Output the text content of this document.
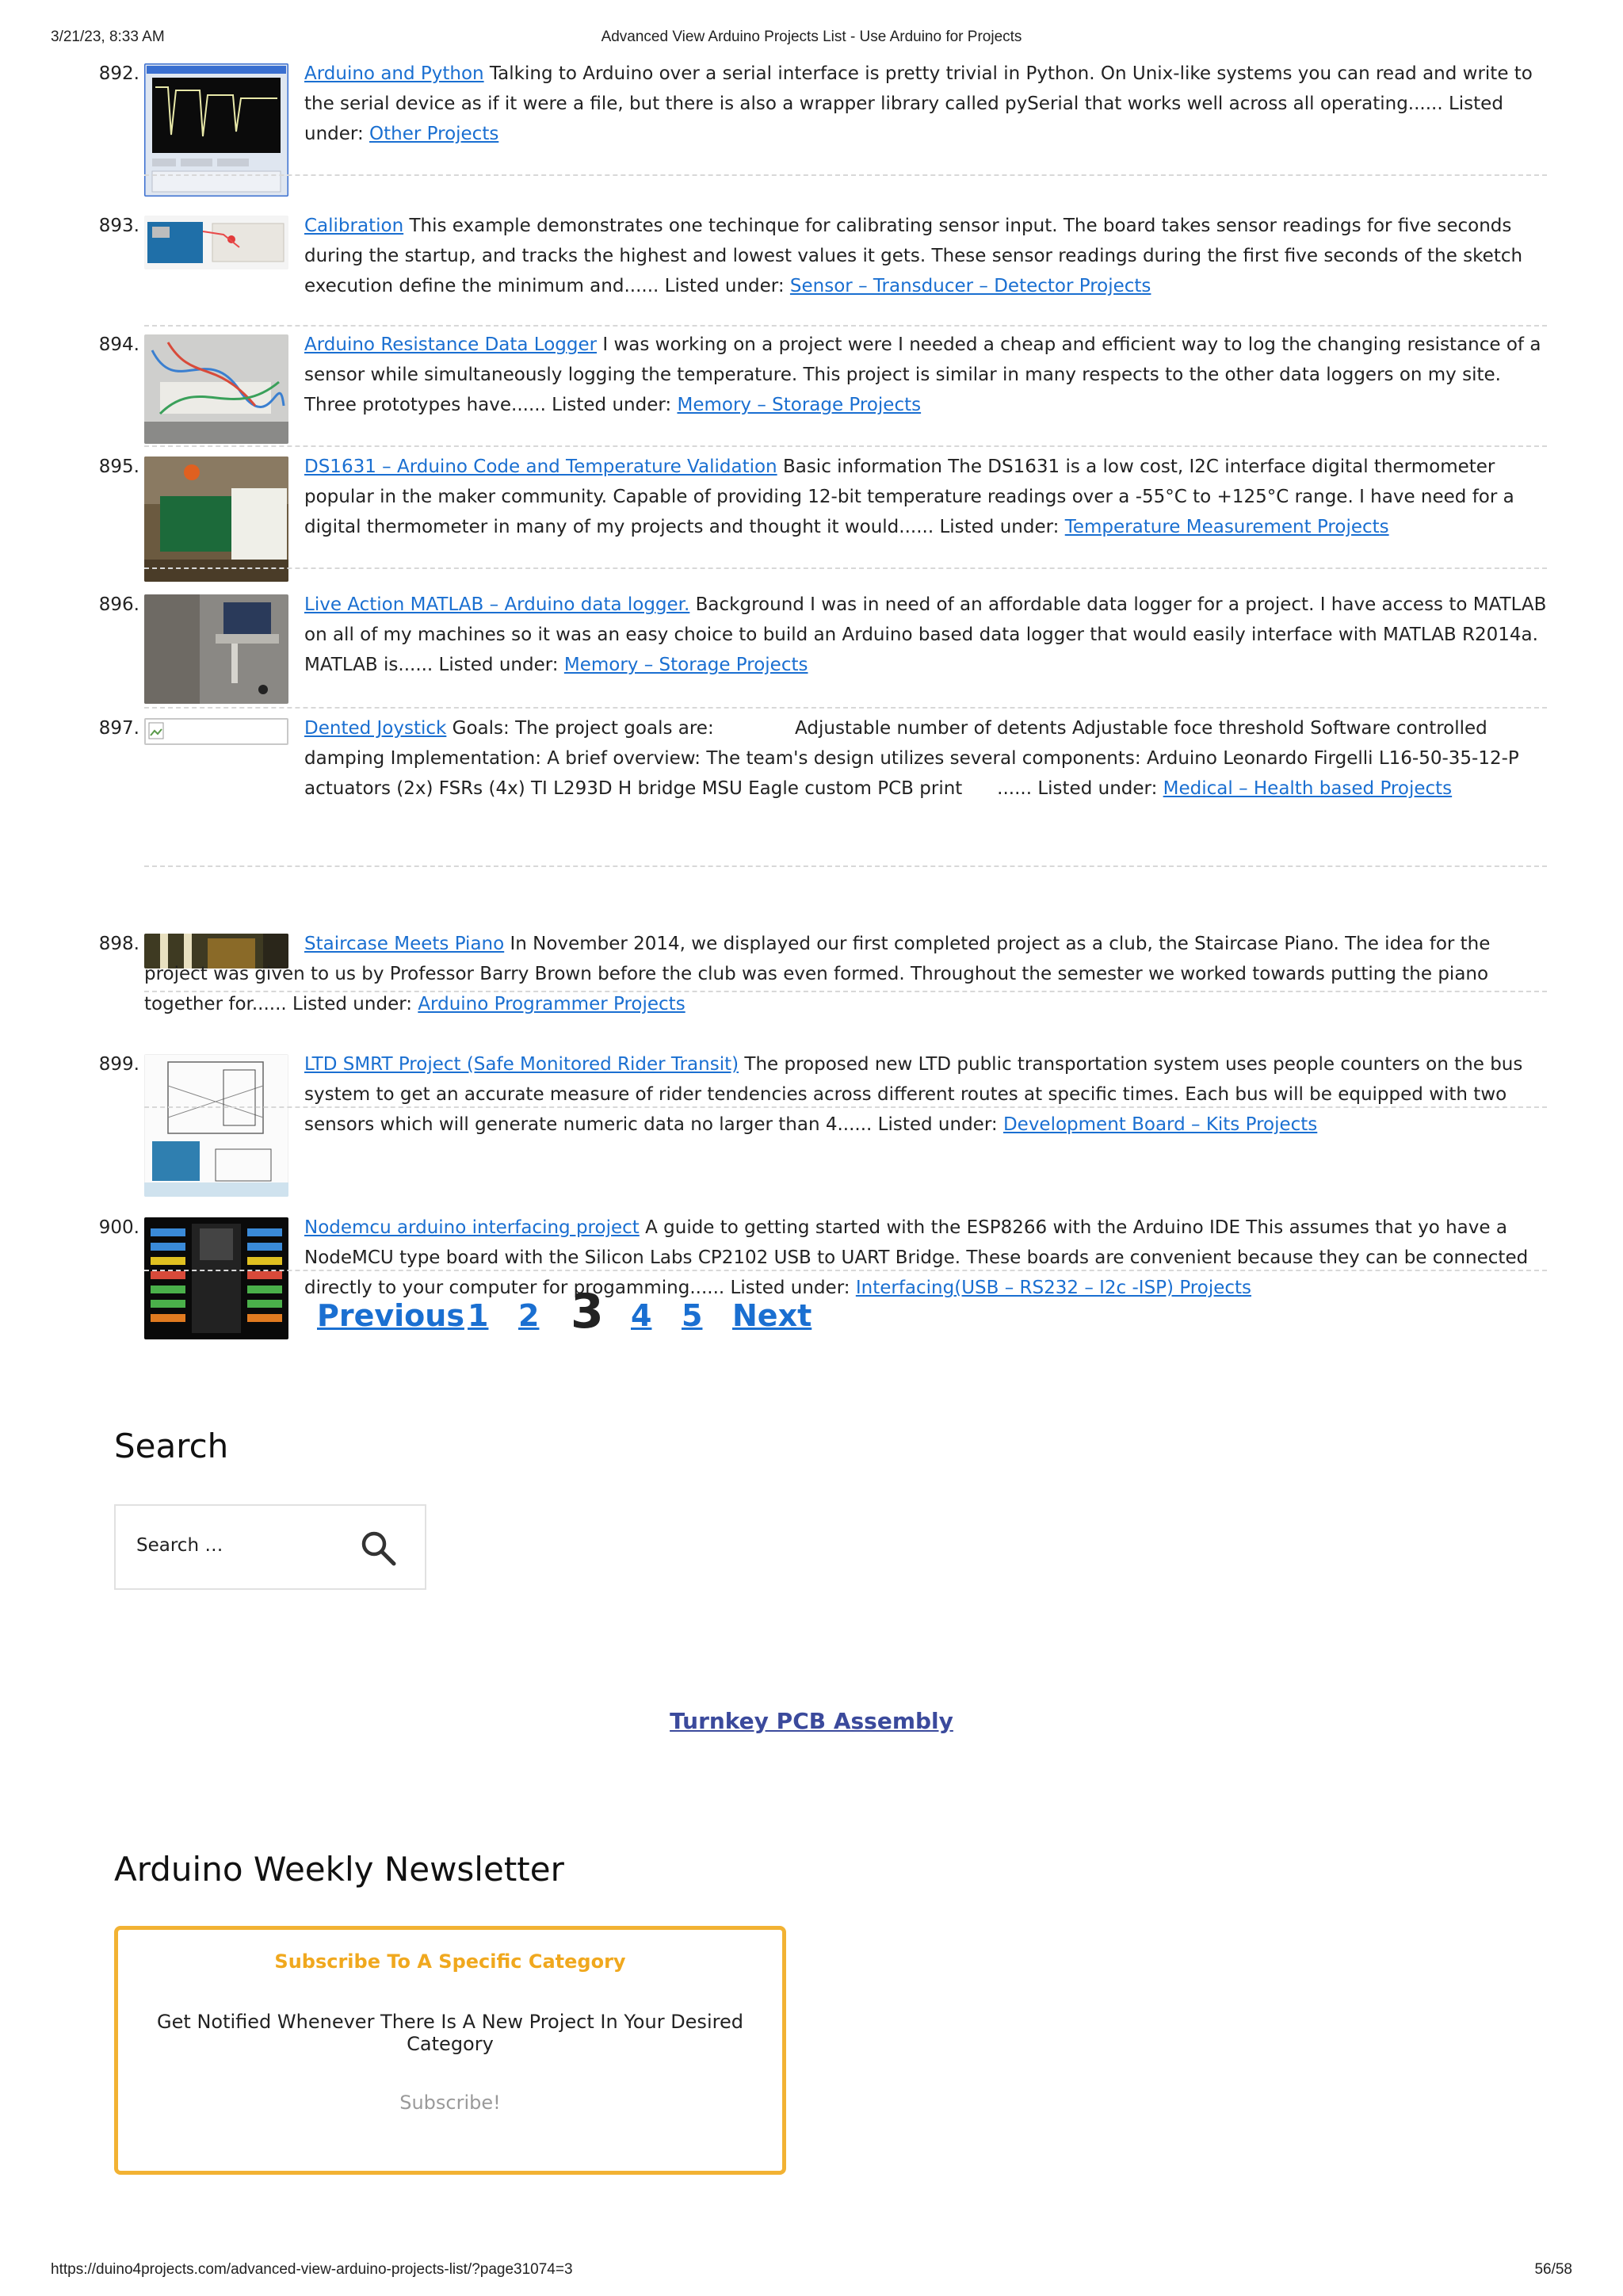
3/21/23, 8:33 AM	Advanced View Arduino Projects List - Use Arduino for Projects
892.	Arduino and Python Talking to Arduino over a serial interface is pretty trivial in Python. On Unix-like systems you can read and write to the serial device as if it were a file, but there is also a wrapper library called pySerial that works well across all operating...... Listed under: Other Projects
893.	Calibration This example demonstrates one techinque for calibrating sensor input. The board takes sensor readings for five seconds during the startup, and tracks the highest and lowest values it gets. These sensor readings during the first five seconds of the sketch execution define the minimum and...... Listed under: Sensor – Transducer – Detector Projects
894.	Arduino Resistance Data Logger I was working on a project were I needed a cheap and efficient way to log the changing resistance of a sensor while simultaneously logging the temperature. This project is similar in many respects to the other data loggers on my site. Three prototypes have...... Listed under: Memory – Storage Projects
895.	DS1631 – Arduino Code and Temperature Validation Basic information The DS1631 is a low cost, I2C interface digital thermometer popular in the maker community. Capable of providing 12-bit temperature readings over a -55°C to +125°C range. I have need for a digital thermometer in many of my projects and thought it would...... Listed under: Temperature Measurement Projects
896.	Live Action MATLAB – Arduino data logger. Background I was in need of an affordable data logger for a project. I have access to MATLAB on all of my machines so it was an easy choice to build an Arduino based data logger that would easily interface with MATLAB R2014a. MATLAB is...... Listed under: Memory – Storage Projects
897.	Dented Joystick Goals: The project goals are:              Adjustable number of detents Adjustable foce threshold Software controlled damping Implementation: A brief overview: The team's design utilizes several components: Arduino Leonardo Firgelli L16-50-35-12-P actuators (2x) FSRs (4x) TI L293D H bridge MSU Eagle custom PCB print      ...... Listed under: Medical – Health based Projects
898.	Staircase Meets Piano In November 2014, we displayed our first completed project as a club, the Staircase Piano. The idea for the project was given to us by Professor Barry Brown before the club was even formed. Throughout the semester we worked towards putting the piano together for...... Listed under: Arduino Programmer Projects
899.	LTD SMRT Project (Safe Monitored Rider Transit) The proposed new LTD public transportation system uses people counters on the bus system to get an accurate measure of rider tendencies across different routes at specific times. Each bus will be equipped with two sensors which will generate numeric data no larger than 4...... Listed under: Development Board – Kits Projects
900.	Nodemcu arduino interfacing project A guide to getting started with the ESP8266 with the Arduino IDE This assumes that yo have a NodeMCU type board with the Silicon Labs CP2102 USB to UART Bridge. These boards are convenient because they can be connected directly to your computer for progamming...... Listed under: Interfacing(USB – RS232 – I2c -ISP) Projects
Previous 1 2 3 4 5 Next
Search
Search …
Turnkey PCB Assembly
Arduino Weekly Newsletter
Subscribe To A Specific Category
Get Notified Whenever There Is A New Project In Your Desired Category
Subscribe!
https://duino4projects.com/advanced-view-arduino-projects-list/?page31074=3	56/58
